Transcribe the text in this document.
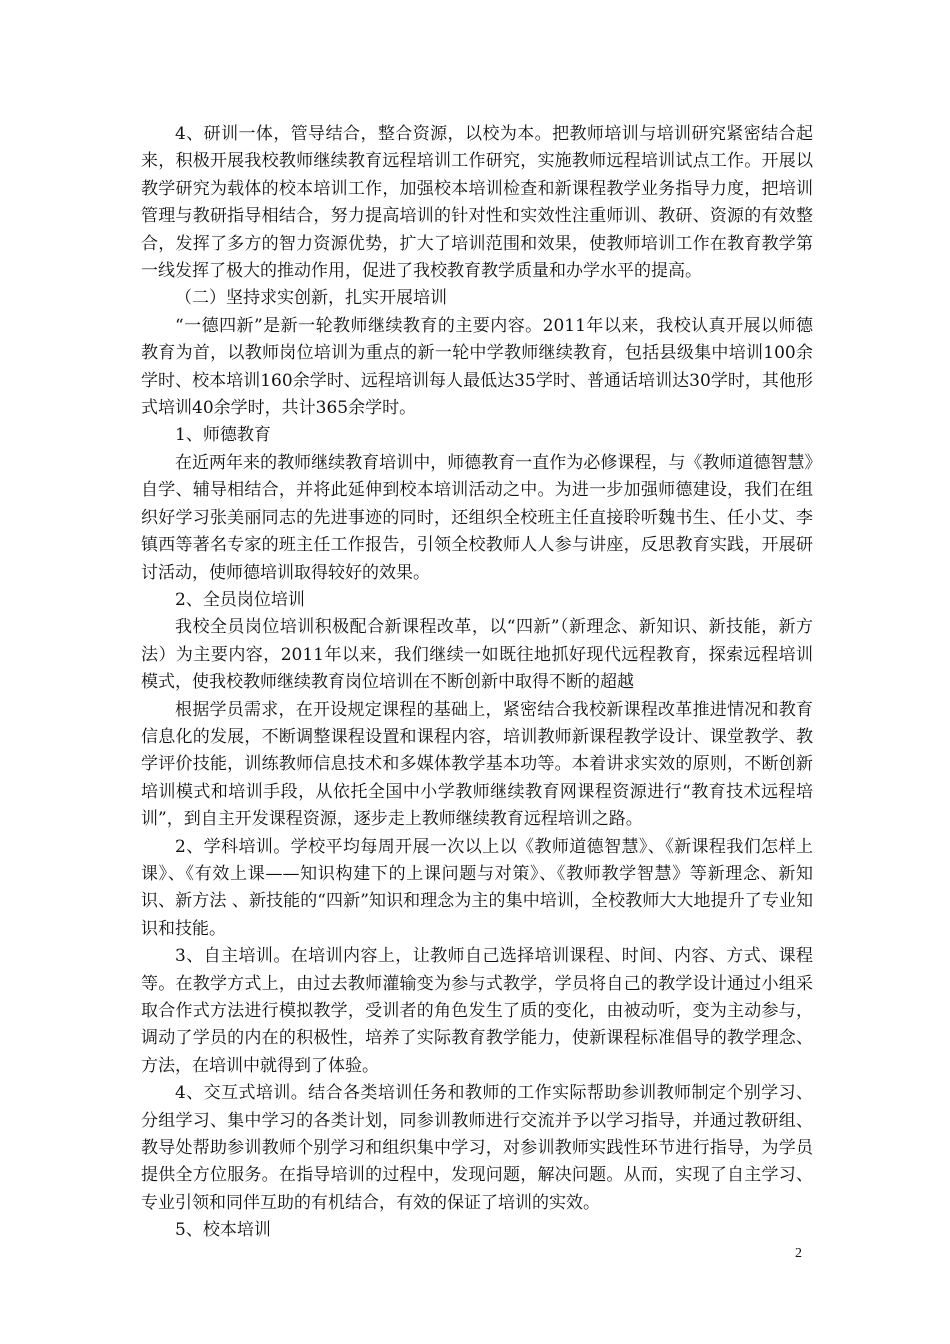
4、研训一体，管导结合，整合资源，以校为本。把教师培训与培训研究紧密结合起来，积极开展我校教师继续教育远程培训工作研究，实施教师远程培训试点工作。开展以教学研究为载体的校本培训工作，加强校本培训检查和新课程教学业务指导力度，把培训管理与教研指导相结合，努力提高培训的针对性和实效性注重师训、教研、资源的有效整合，发挥了多方的智力资源优势，扩大了培训范围和效果，使教师培训工作在教育教学第一线发挥了极大的推动作用，促进了我校教育教学质量和办学水平的提高。

（二）坚持求实创新，扎实开展培训

“一德四新”是新一轮教师继续教育的主要内容。2011年以来，我校认真开展以师德教育为首，以教师岗位培训为重点的新一轮中学教师继续教育，包括县级集中培训100余学时、校本培训160余学时、远程培训每人最低达35学时、普通话培训达30学时，其他形式培训40余学时，共计365余学时。

1、师德教育

在近两年来的教师继续教育培训中，师德教育一直作为必修课程，与《教师道德智慧》自学、辅导相结合，并将此延伸到校本培训活动之中。为进一步加强师德建设，我们在组织好学习张美丽同志的先进事迹的同时，还组织全校班主任直接聆听魏书生、任小艾、李镇西等著名专家的班主任工作报告，引领全校教师人人参与讲座，反思教育实践，开展研讨活动，使师德培训取得较好的效果。

2、全员岗位培训

我校全员岗位培训积极配合新课程改革，以“四新”（新理念、新知识、新技能，新方法）为主要内容，2011年以来，我们继续一如既往地抓好现代远程教育，探索远程培训模式，使我校教师继续教育岗位培训在不断创新中取得不断的超越

根据学员需求，在开设规定课程的基础上，紧密结合我校新课程改革推进情况和教育信息化的发展，不断调整课程设置和课程内容，培训教师新课程教学设计、课堂教学、教学评价技能，训练教师信息技术和多媒体教学基本功等。本着讲求实效的原则，不断创新培训模式和培训手段，从依托全国中小学教师继续教育网课程资源进行“教育技术远程培训”，到自主开发课程资源，逐步走上教师继续教育远程培训之路。

2、学科培训。学校平均每周开展一次以上以《教师道德智慧》、《新课程我们怎样上课》、《有效上课——知识构建下的上课问题与对策》、《教师教学智慧》等新理念、新知识、新方法 、新技能的“四新”知识和理念为主的集中培训，全校教师大大地提升了专业知识和技能。

3、自主培训。在培训内容上，让教师自己选择培训课程、时间、内容、方式、课程等。在教学方式上，由过去教师灌输变为参与式教学，学员将自己的教学设计通过小组采取合作式方法进行模拟教学，受训者的角色发生了质的变化，由被动听，变为主动参与，调动了学员的内在的积极性，培养了实际教育教学能力，使新课程标准倡导的教学理念、方法，在培训中就得到了体验。

4、交互式培训。结合各类培训任务和教师的工作实际帮助参训教师制定个别学习、分组学习、集中学习的各类计划，同参训教师进行交流并予以学习指导，并通过教研组、教导处帮助参训教师个别学习和组织集中学习，对参训教师实践性环节进行指导，为学员提供全方位服务。在指导培训的过程中，发现问题，解决问题。从而，实现了自主学习、专业引领和同伴互助的有机结合，有效的保证了培训的实效。

5、校本培训

2
